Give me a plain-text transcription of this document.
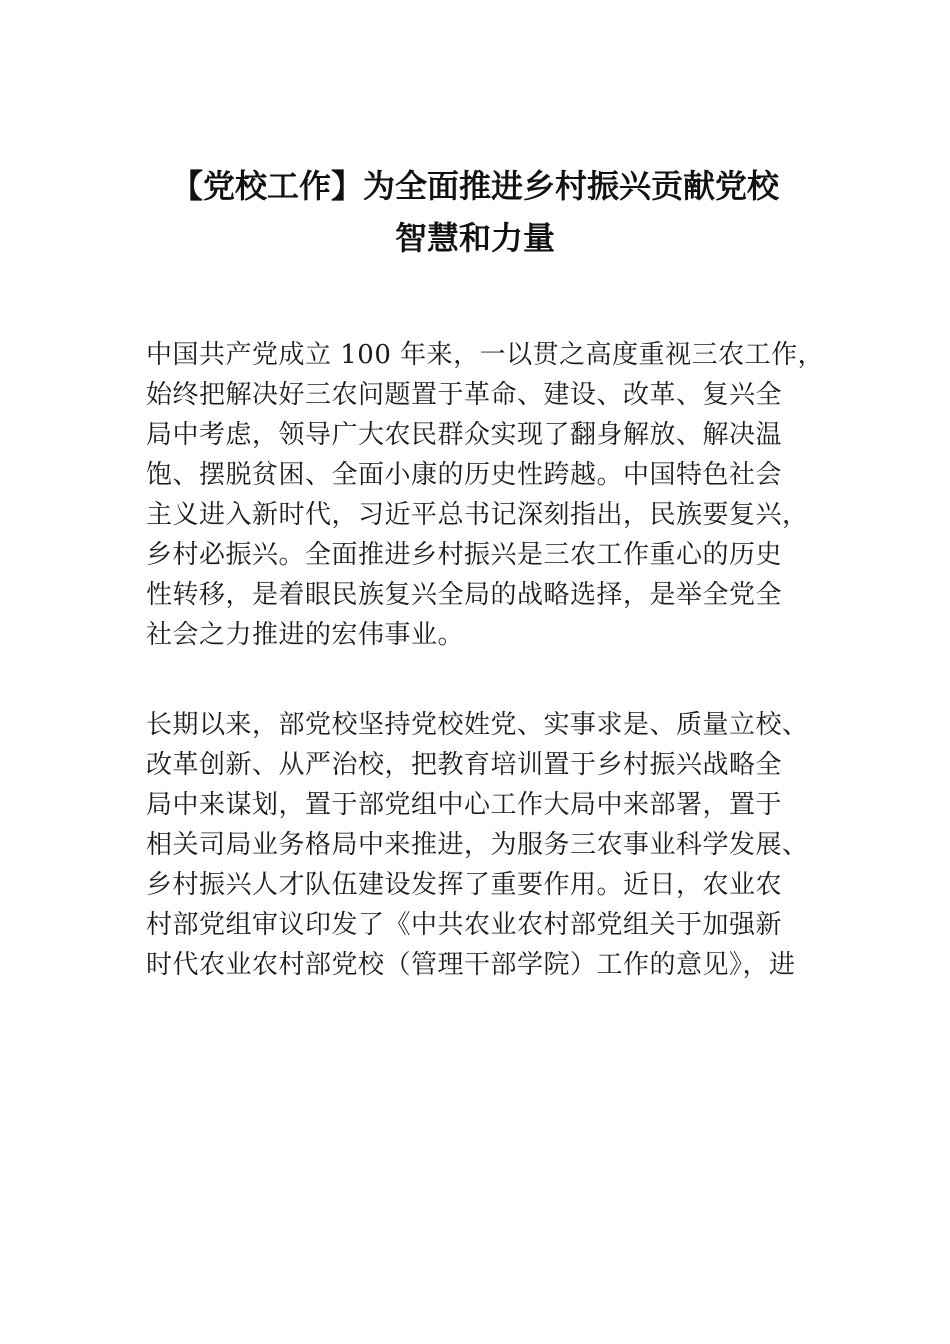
【党校工作】为全面推进乡村振兴贡献党校
智慧和力量

中国共产党成立 100 年来，一以贯之高度重视三农工作，
始终把解决好三农问题置于革命、建设、改革、复兴全
局中考虑，领导广大农民群众实现了翻身解放、解决温
饱、摆脱贫困、全面小康的历史性跨越。中国特色社会
主义进入新时代，习近平总书记深刻指出，民族要复兴，
乡村必振兴。全面推进乡村振兴是三农工作重心的历史
性转移，是着眼民族复兴全局的战略选择，是举全党全
社会之力推进的宏伟事业。

长期以来，部党校坚持党校姓党、实事求是、质量立校、
改革创新、从严治校，把教育培训置于乡村振兴战略全
局中来谋划，置于部党组中心工作大局中来部署，置于
相关司局业务格局中来推进，为服务三农事业科学发展、
乡村振兴人才队伍建设发挥了重要作用。近日，农业农
村部党组审议印发了《中共农业农村部党组关于加强新
时代农业农村部党校（管理干部学院）工作的意见》，进
